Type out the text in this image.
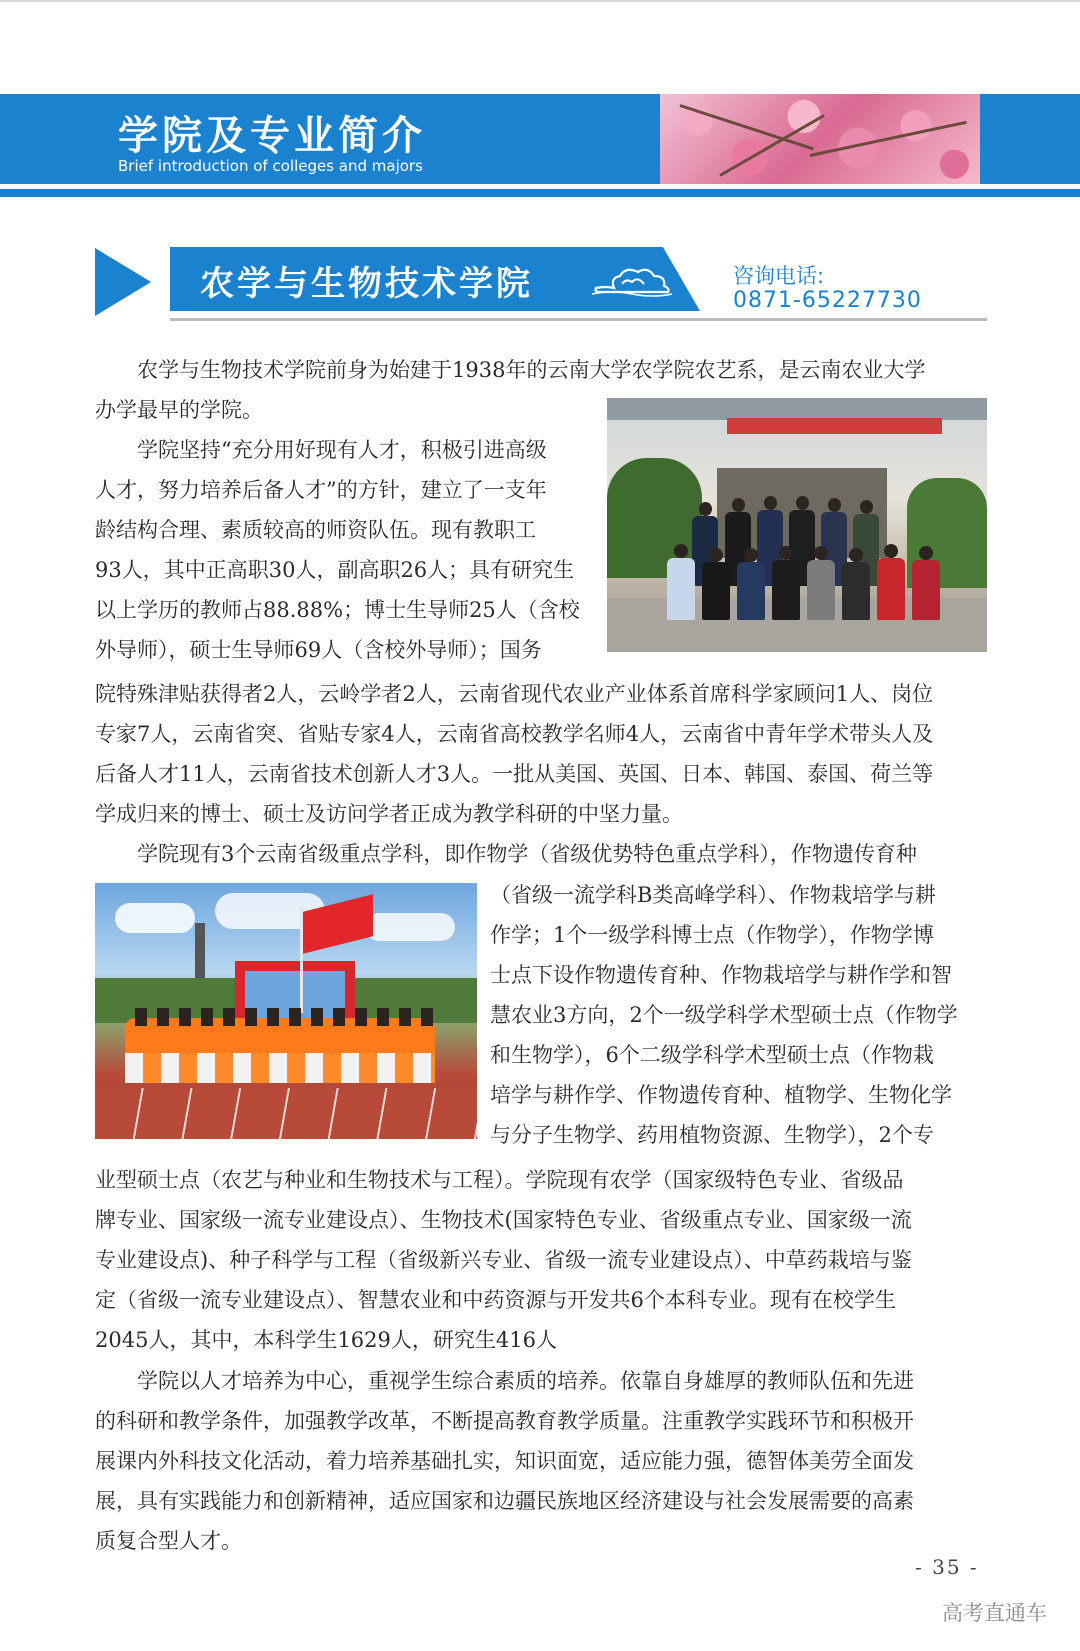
学院及专业简介
Brief introduction of colleges and majors
农学与生物技术学院	咨询电话:
0871-65227730
农学与生物技术学院前身为始建于1938年的云南大学农学院农艺系，是云南农业大学
办学最早的学院。
学院坚持“充分用好现有人才，积极引进高级
人才，努力培养后备人才”的方针，建立了一支年
龄结构合理、素质较高的师资队伍。现有教职工
93人，其中正高职30人，副高职26人；具有研究生
以上学历的教师占88.88%；博士生导师25人（含校
外导师），硕士生导师69人（含校外导师）；国务
院特殊津贴获得者2人，云岭学者2人，云南省现代农业产业体系首席科学家顾问1人、岗位
专家7人，云南省突、省贴专家4人，云南省高校教学名师4人，云南省中青年学术带头人及
后备人才11人，云南省技术创新人才3人。一批从美国、英国、日本、韩国、泰国、荷兰等
学成归来的博士、硕士及访问学者正成为教学科研的中坚力量。
学院现有3个云南省级重点学科，即作物学（省级优势特色重点学科），作物遗传育种
（省级一流学科B类高峰学科）、作物栽培学与耕
作学；1个一级学科博士点（作物学），作物学博
士点下设作物遗传育种、作物栽培学与耕作学和智
慧农业3方向，2个一级学科学术型硕士点（作物学
和生物学），6个二级学科学术型硕士点（作物栽
培学与耕作学、作物遗传育种、植物学、生物化学
与分子生物学、药用植物资源、生物学），2个专
业型硕士点（农艺与种业和生物技术与工程）。学院现有农学（国家级特色专业、省级品
牌专业、国家级一流专业建设点）、生物技术(国家特色专业、省级重点专业、国家级一流
专业建设点)、种子科学与工程（省级新兴专业、省级一流专业建设点）、中草药栽培与鉴
定（省级一流专业建设点）、智慧农业和中药资源与开发共6个本科专业。现有在校学生
2045人，其中，本科学生1629人，研究生416人
学院以人才培养为中心，重视学生综合素质的培养。依靠自身雄厚的教师队伍和先进
的科研和教学条件，加强教学改革，不断提高教育教学质量。注重教学实践环节和积极开
展课内外科技文化活动，着力培养基础扎实，知识面宽，适应能力强，德智体美劳全面发
展，具有实践能力和创新精神，适应国家和边疆民族地区经济建设与社会发展需要的高素
质复合型人才。
- 35 -
高考直通车
